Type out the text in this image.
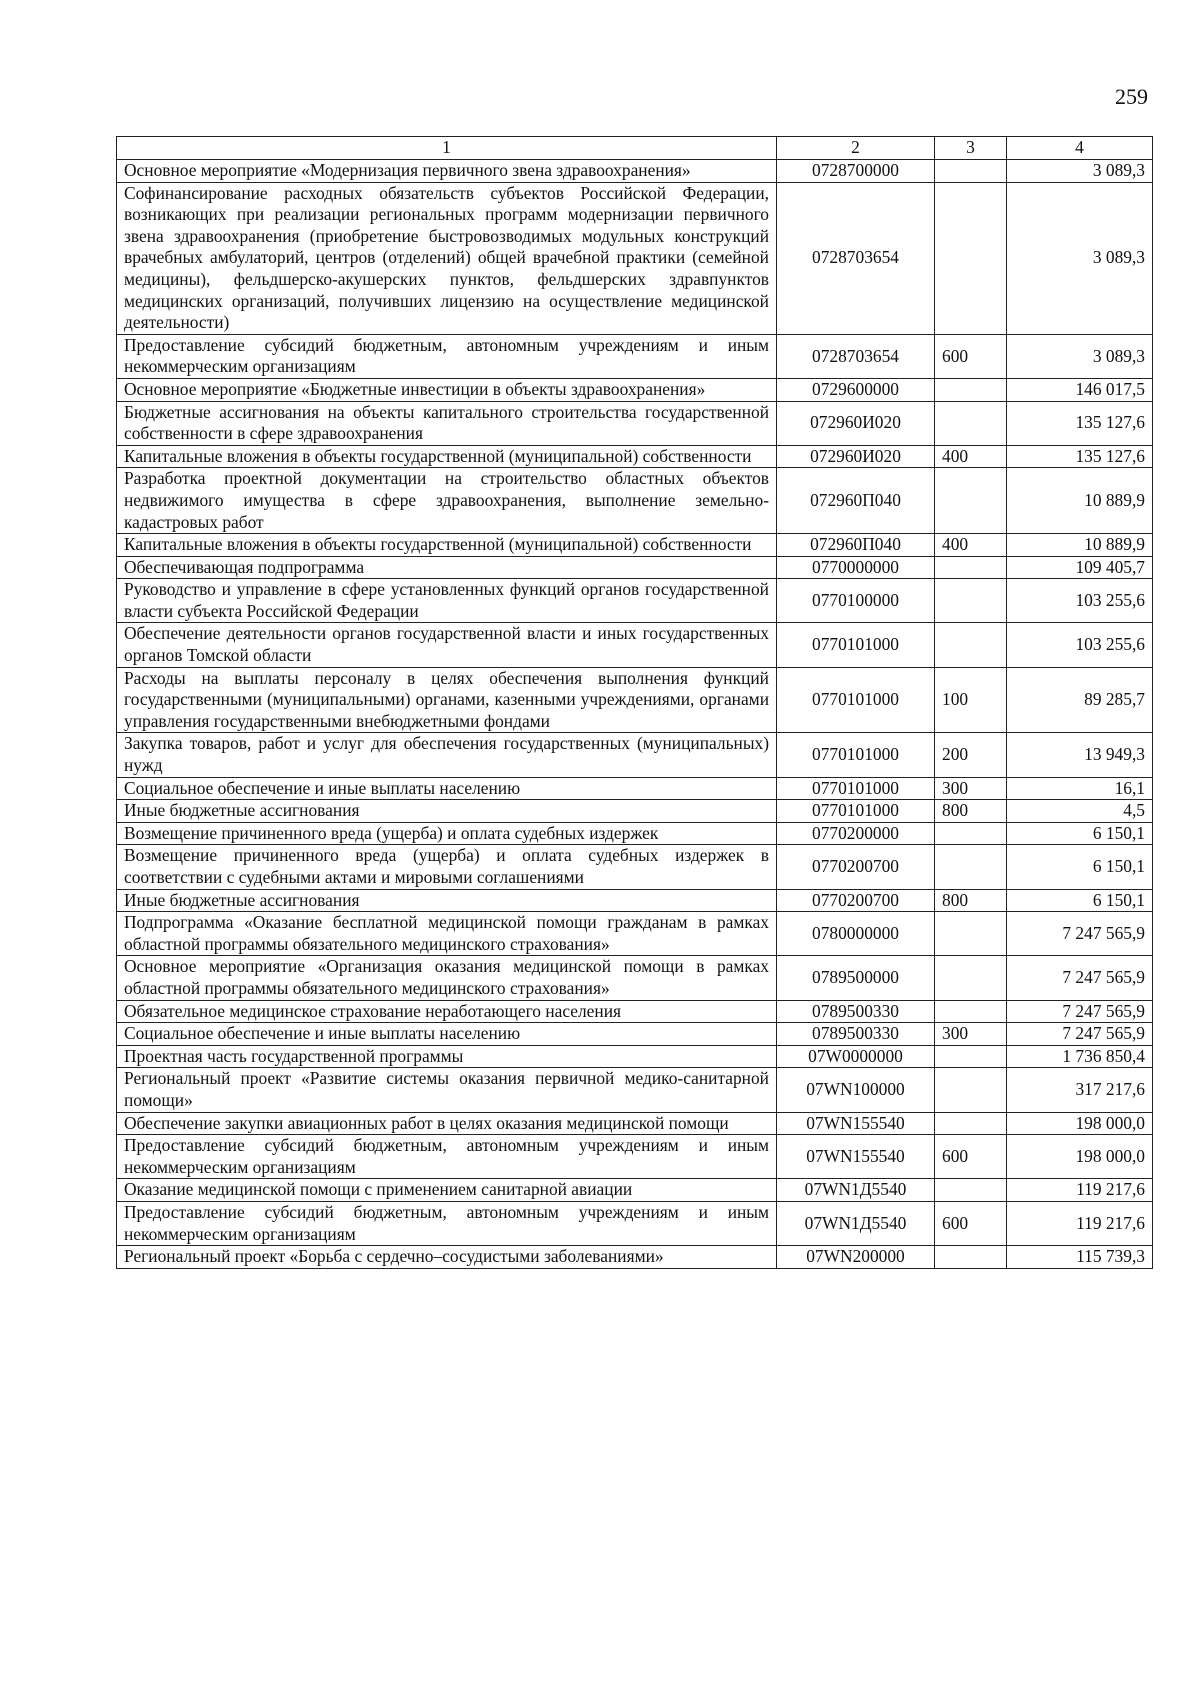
259
1	2	3	4
Основное мероприятие «Модернизация первичного звена здравоохранения»	0728700000		3 089,3
Софинансирование расходных обязательств субъектов Российской Федерации, возникающих при реализации региональных программ модернизации первичного звена здравоохранения (приобретение быстровозводимых модульных конструкций врачебных амбулаторий, центров (отделений) общей врачебной практики (семейной медицины), фельдшерско-акушерских пунктов, фельдшерских здравпунктов медицинских организаций, получивших лицензию на осуществление медицинской деятельности)	0728703654		3 089,3
Предоставление субсидий бюджетным, автономным учреждениям и иным некоммерческим организациям	0728703654	600	3 089,3
Основное мероприятие «Бюджетные инвестиции в объекты здравоохранения»	0729600000		146 017,5
Бюджетные ассигнования на объекты капитального строительства государственной собственности в сфере здравоохранения	072960И020		135 127,6
Капитальные вложения в объекты государственной (муниципальной) собственности	072960И020	400	135 127,6
Разработка проектной документации на строительство областных объектов недвижимого имущества в сфере здравоохранения, выполнение земельно-кадастровых работ	072960П040		10 889,9
Капитальные вложения в объекты государственной (муниципальной) собственности	072960П040	400	10 889,9
Обеспечивающая подпрограмма	0770000000		109 405,7
Руководство и управление в сфере установленных функций органов государственной власти субъекта Российской Федерации	0770100000		103 255,6
Обеспечение деятельности органов государственной власти и иных государственных органов Томской области	0770101000		103 255,6
Расходы на выплаты персоналу в целях обеспечения выполнения функций государственными (муниципальными) органами, казенными учреждениями, органами управления государственными внебюджетными фондами	0770101000	100	89 285,7
Закупка товаров, работ и услуг для обеспечения государственных (муниципальных) нужд	0770101000	200	13 949,3
Социальное обеспечение и иные выплаты населению	0770101000	300	16,1
Иные бюджетные ассигнования	0770101000	800	4,5
Возмещение причиненного вреда (ущерба) и оплата судебных издержек	0770200000		6 150,1
Возмещение причиненного вреда (ущерба) и оплата судебных издержек в соответствии с судебными актами и мировыми соглашениями	0770200700		6 150,1
Иные бюджетные ассигнования	0770200700	800	6 150,1
Подпрограмма «Оказание бесплатной медицинской помощи гражданам в рамках областной программы обязательного медицинского страхования»	0780000000		7 247 565,9
Основное мероприятие «Организация оказания медицинской помощи в рамках областной программы обязательного медицинского страхования»	0789500000		7 247 565,9
Обязательное медицинское страхование неработающего населения	0789500330		7 247 565,9
Социальное обеспечение и иные выплаты населению	0789500330	300	7 247 565,9
Проектная часть государственной программы	07W0000000		1 736 850,4
Региональный проект «Развитие системы оказания первичной медико-санитарной помощи»	07WN100000		317 217,6
Обеспечение закупки авиационных работ в целях оказания медицинской помощи	07WN155540		198 000,0
Предоставление субсидий бюджетным, автономным учреждениям и иным некоммерческим организациям	07WN155540	600	198 000,0
Оказание медицинской помощи с применением санитарной авиации	07WN1Д5540		119 217,6
Предоставление субсидий бюджетным, автономным учреждениям и иным некоммерческим организациям	07WN1Д5540	600	119 217,6
Региональный проект «Борьба с сердечно–сосудистыми заболеваниями»	07WN200000		115 739,3
